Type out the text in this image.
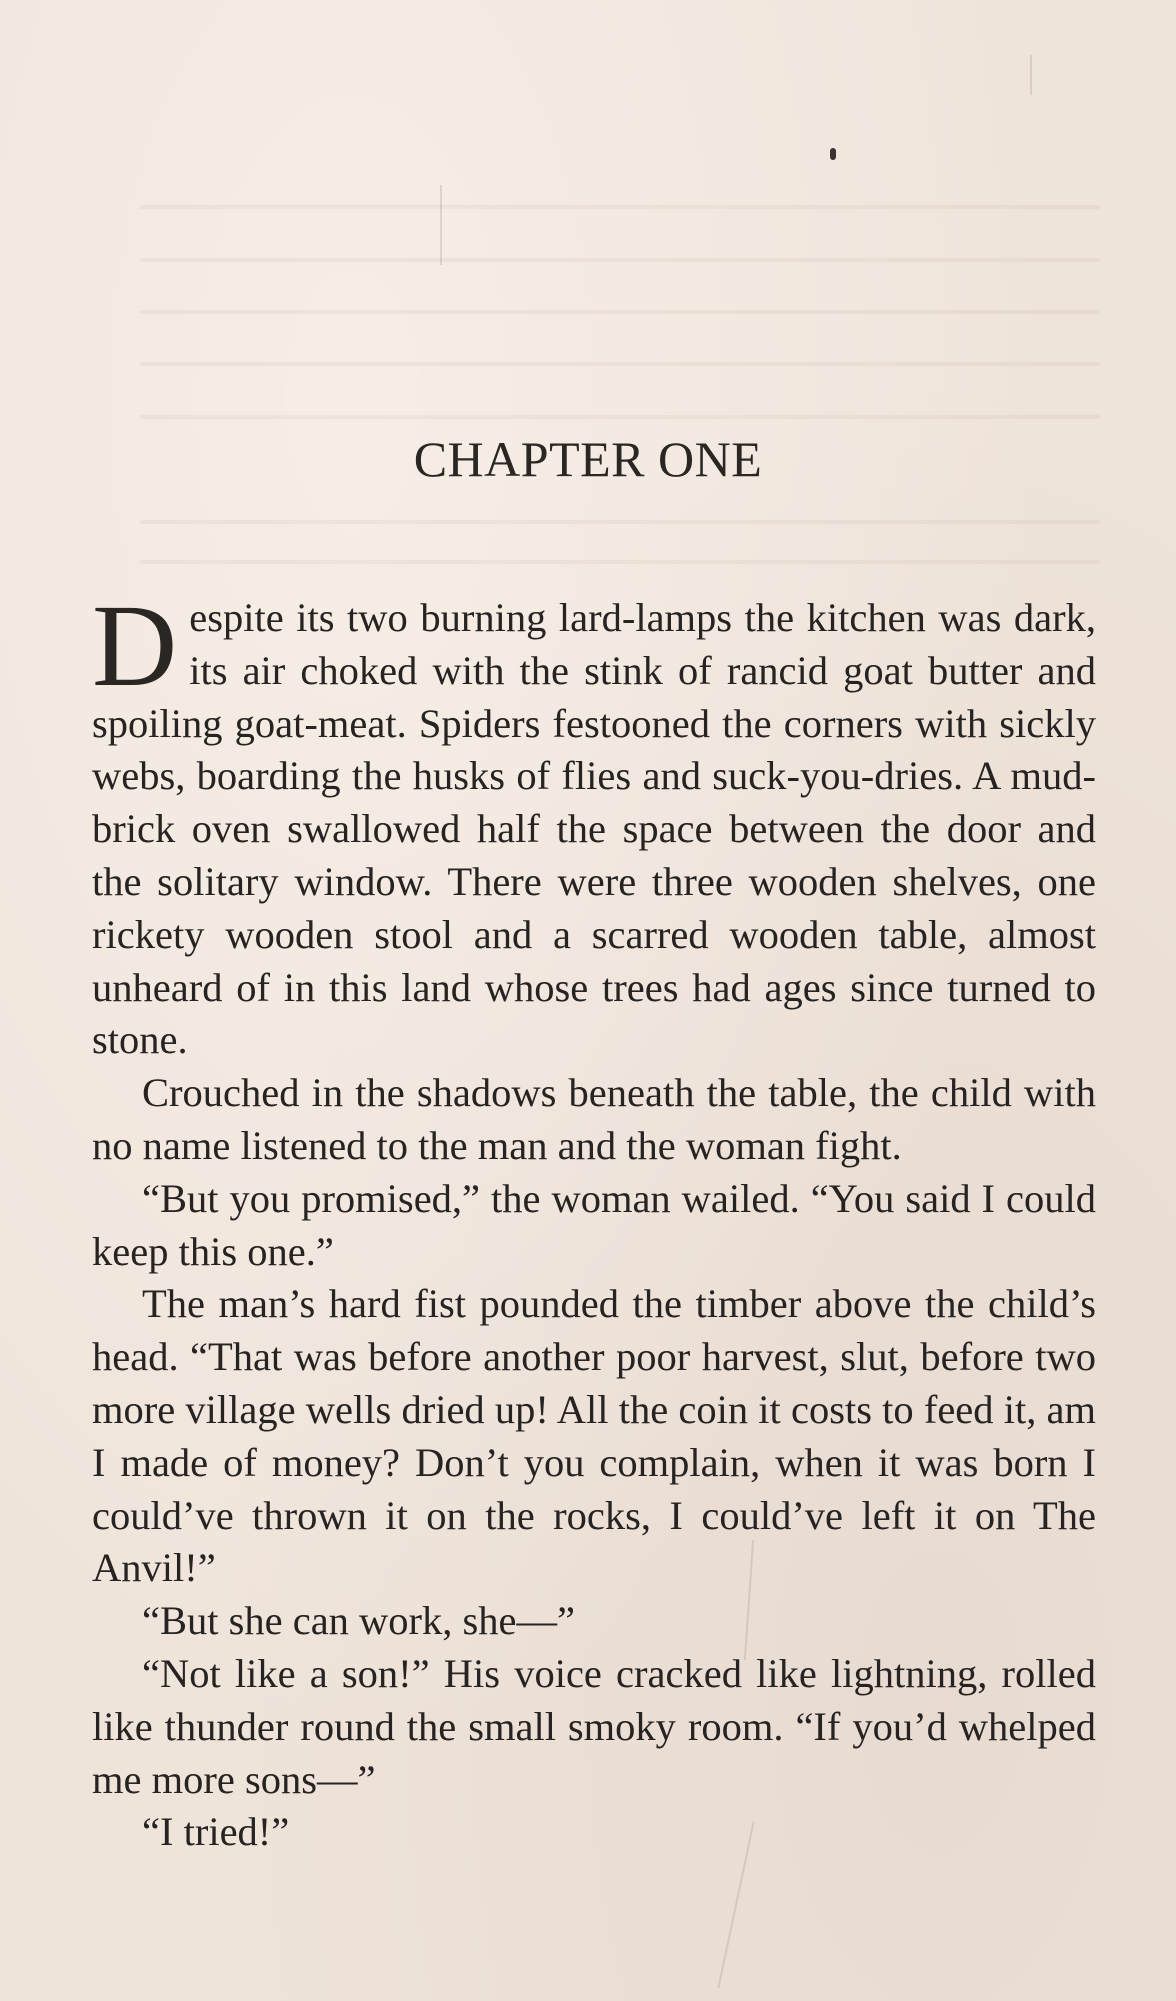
CHAPTER ONE

Despite its two burning lard-lamps the kitchen was dark, its air choked with the stink of rancid goat butter and spoiling goat-meat. Spiders festooned the corners with sickly webs, boarding the husks of flies and suck-you-dries. A mud-brick oven swallowed half the space between the door and the solitary window. There were three wooden shelves, one rickety wooden stool and a scarred wooden table, almost unheard of in this land whose trees had ages since turned to stone.

Crouched in the shadows beneath the table, the child with no name listened to the man and the woman fight.

“But you promised,” the woman wailed. “You said I could keep this one.”

The man’s hard fist pounded the timber above the child’s head. “That was before another poor harvest, slut, before two more village wells dried up! All the coin it costs to feed it, am I made of money? Don’t you complain, when it was born I could’ve thrown it on the rocks, I could’ve left it on The Anvil!”

“But she can work, she—”

“Not like a son!” His voice cracked like lightning, rolled like thunder round the small smoky room. “If you’d whelped me more sons—”

“I tried!”
